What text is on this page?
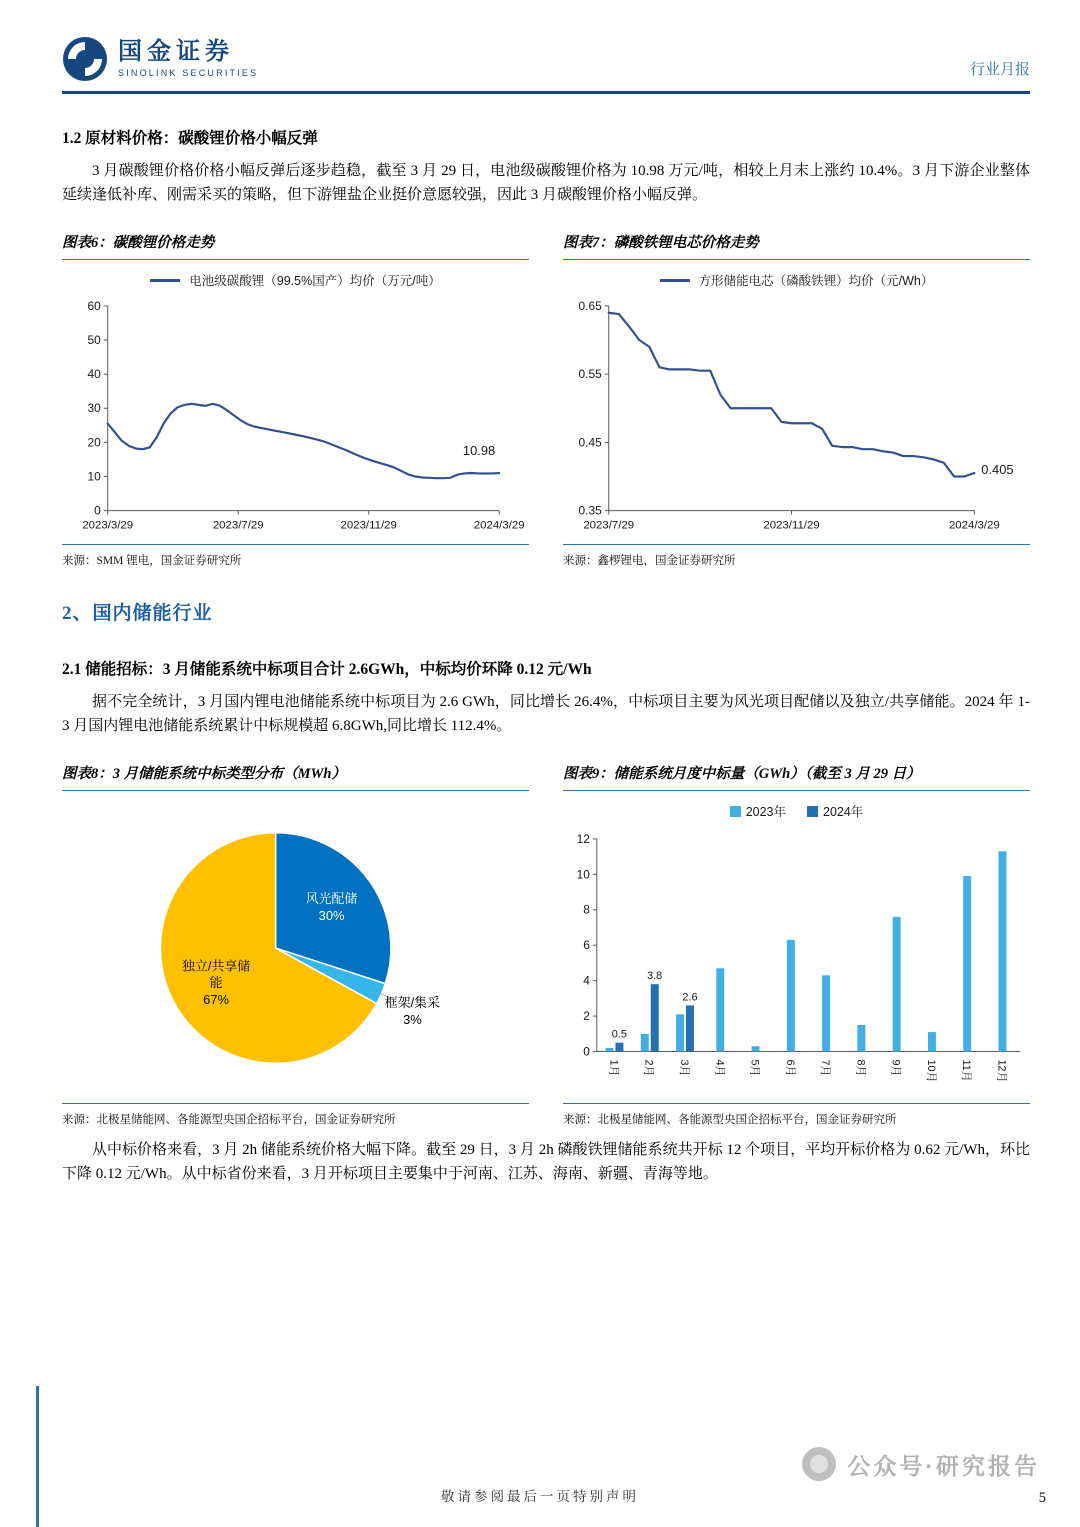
国金证券
SINOLINK SECURITIES	行业月报
1.2 原材料价格：碳酸锂价格小幅反弹

3 月碳酸锂价格价格小幅反弹后逐步趋稳，截至 3 月 29 日，电池级碳酸锂价格为 10.98 万元/吨，相较上月末上涨约 10.4%。3 月下游企业整体延续逢低补库、刚需采买的策略，但下游锂盐企业挺价意愿较强，因此 3 月碳酸锂价格小幅反弹。

图表6：碳酸锂价格走势
电池级碳酸锂（99.5%国产）均价（万元/吨）
0
10
20
30
40
50
60
2023/3/29	2023/7/29	2023/11/29	2024/3/29
10.98
来源：SMM 锂电，国金证券研究所
图表7：磷酸铁锂电芯价格走势
方形储能电芯（磷酸铁锂）均价（元/Wh）
0.35
0.45
0.55
0.65
2023/7/29	2023/11/29	2024/3/29
0.405
来源：鑫椤锂电，国金证券研究所
2、国内储能行业
2.1 储能招标：3 月储能系统中标项目合计 2.6GWh，中标均价环降 0.12 元/Wh

据不完全统计，3 月国内锂电池储能系统中标项目为 2.6 GWh，同比增长 26.4%，中标项目主要为风光项目配储以及独立/共享储能。2024 年 1-3 月国内锂电池储能系统累计中标规模超 6.8GWh,同比增长 112.4%。

图表8：3 月储能系统中标类型分布（MWh）
风光配储
30%
框架/集采
3%
独立/共享储
能
67%
来源：北极星储能网、各能源型央国企招标平台，国金证券研究所
图表9：储能系统月度中标量（GWh）（截至 3 月 29 日）
2023年	2024年
0
2
4
6
8
10
12
0.5
1月
3.8
2月
2.6
3月 4月 5月 6月 7月 8月 9月 10月 11月 12月
来源：北极星储能网、各能源型央国企招标平台，国金证券研究所

从中标价格来看，3 月 2h 储能系统价格大幅下降。截至 29 日，3 月 2h 磷酸铁锂储能系统共开标 12 个项目，平均开标价格为 0.62 元/Wh，环比下降 0.12 元/Wh。从中标省份来看，3 月开标项目主要集中于河南、江苏、海南、新疆、青海等地。

公众号·研究报告
敬请参阅最后一页特别声明	5
